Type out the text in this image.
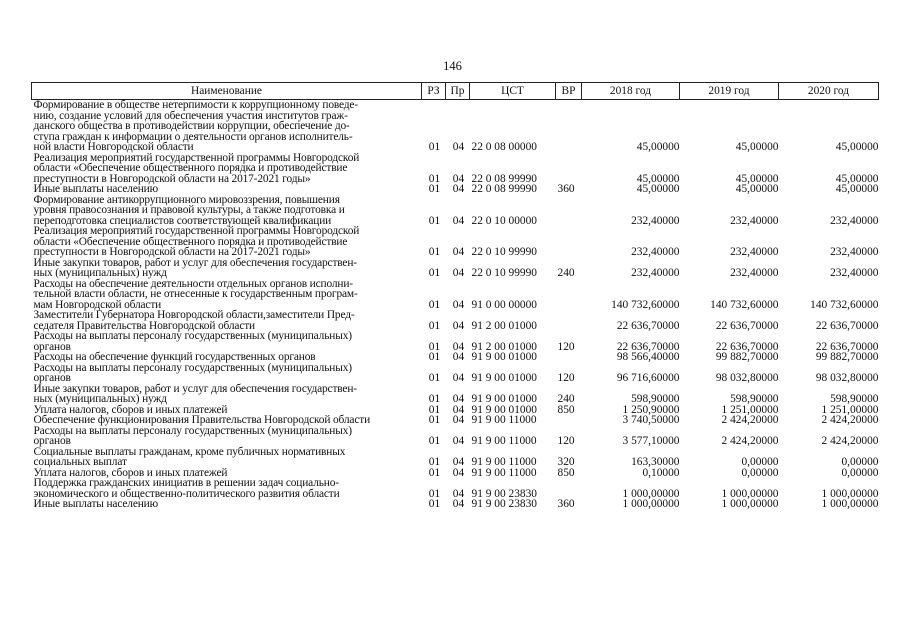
146
Наименование	РЗ	Пр	ЦСТ	ВР	2018 год	2019 год	2020 год
Формирование в обществе нетерпимости к коррупционному поведе-
нию, создание условий для обеспечения участия институтов граж-
данского общества в противодействии коррупции, обеспечение до-
ступа граждан к информации о деятельности органов исполнитель-
ной власти Новгородской области	01	04	22 0 08 00000		45,00000	45,00000	45,00000
Реализация мероприятий государственной программы Новгородской
области «Обеспечение общественного порядка и противодействие
преступности в Новгородской области на 2017-2021 годы»	01	04	22 0 08 99990		45,00000	45,00000	45,00000
Иные выплаты населению	01	04	22 0 08 99990	360	45,00000	45,00000	45,00000
Формирование антикоррупционного мировоззрения, повышения
уровня правосознания и правовой культуры, а также подготовка и
переподготовка специалистов соответствующей квалификации	01	04	22 0 10 00000		232,40000	232,40000	232,40000
Реализация мероприятий государственной программы Новгородской
области «Обеспечение общественного порядка и противодействие
преступности в Новгородской области на 2017-2021 годы»	01	04	22 0 10 99990		232,40000	232,40000	232,40000
Иные закупки товаров, работ и услуг для обеспечения государствен-
ных (муниципальных) нужд	01	04	22 0 10 99990	240	232,40000	232,40000	232,40000
Расходы на обеспечение деятельности отдельных органов исполни-
тельной власти области, не отнесенные к государственным програм-
мам Новгородской области	01	04	91 0 00 00000		140 732,60000	140 732,60000	140 732,60000
Заместители Губернатора Новгородской области,заместители Пред-
седателя Правительства Новгородской области	01	04	91 2 00 01000		22 636,70000	22 636,70000	22 636,70000
Расходы на выплаты персоналу государственных (муниципальных)
органов	01	04	91 2 00 01000	120	22 636,70000	22 636,70000	22 636,70000
Расходы на обеспечение функций государственных органов	01	04	91 9 00 01000		98 566,40000	99 882,70000	99 882,70000
Расходы на выплаты персоналу государственных (муниципальных)
органов	01	04	91 9 00 01000	120	96 716,60000	98 032,80000	98 032,80000
Иные закупки товаров, работ и услуг для обеспечения государствен-
ных (муниципальных) нужд	01	04	91 9 00 01000	240	598,90000	598,90000	598,90000
Уплата налогов, сборов и иных платежей	01	04	91 9 00 01000	850	1 250,90000	1 251,00000	1 251,00000
Обеспечение функционирования Правительства Новгородской области	01	04	91 9 00 11000		3 740,50000	2 424,20000	2 424,20000
Расходы на выплаты персоналу государственных (муниципальных)
органов	01	04	91 9 00 11000	120	3 577,10000	2 424,20000	2 424,20000
Социальные выплаты гражданам, кроме публичных нормативных
социальных выплат	01	04	91 9 00 11000	320	163,30000	0,00000	0,00000
Уплата налогов, сборов и иных платежей	01	04	91 9 00 11000	850	0,10000	0,00000	0,00000
Поддержка гражданских инициатив в решении задач социально-
экономического и общественно-политического развития области	01	04	91 9 00 23830		1 000,00000	1 000,00000	1 000,00000
Иные выплаты населению	01	04	91 9 00 23830	360	1 000,00000	1 000,00000	1 000,00000
